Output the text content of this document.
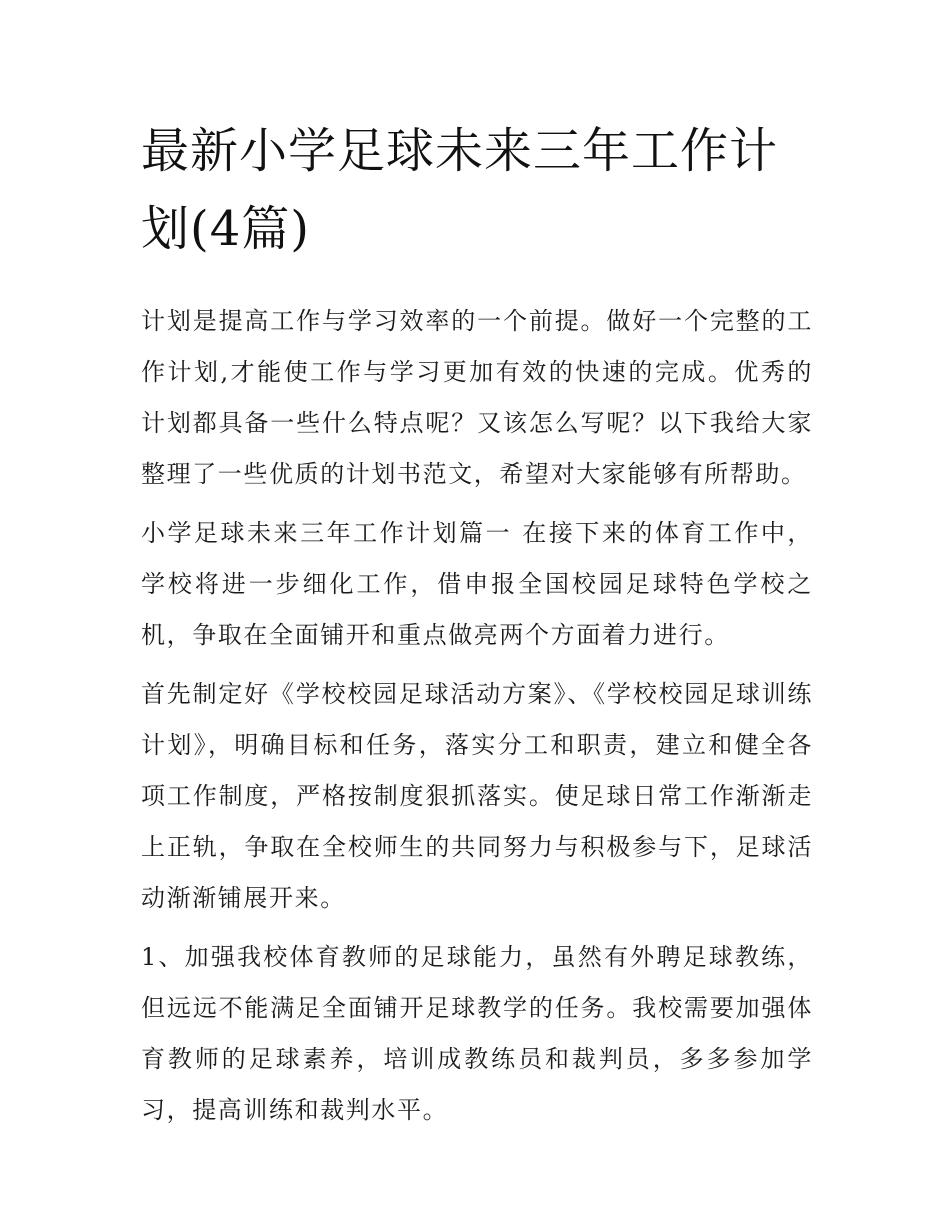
最新小学足球未来三年工作计划(4篇)

计划是提高工作与学习效率的一个前提。做好一个完整的工作计划,才能使工作与学习更加有效的快速的完成。优秀的计划都具备一些什么特点呢？又该怎么写呢？以下我给大家整理了一些优质的计划书范文，希望对大家能够有所帮助。

小学足球未来三年工作计划篇一 在接下来的体育工作中，学校将进一步细化工作，借申报全国校园足球特色学校之机，争取在全面铺开和重点做亮两个方面着力进行。

首先制定好《学校校园足球活动方案》、《学校校园足球训练计划》，明确目标和任务，落实分工和职责，建立和健全各项工作制度，严格按制度狠抓落实。使足球日常工作渐渐走上正轨，争取在全校师生的共同努力与积极参与下，足球活动渐渐铺展开来。

1、加强我校体育教师的足球能力，虽然有外聘足球教练，但远远不能满足全面铺开足球教学的任务。我校需要加强体育教师的足球素养，培训成教练员和裁判员，多多参加学习，提高训练和裁判水平。
